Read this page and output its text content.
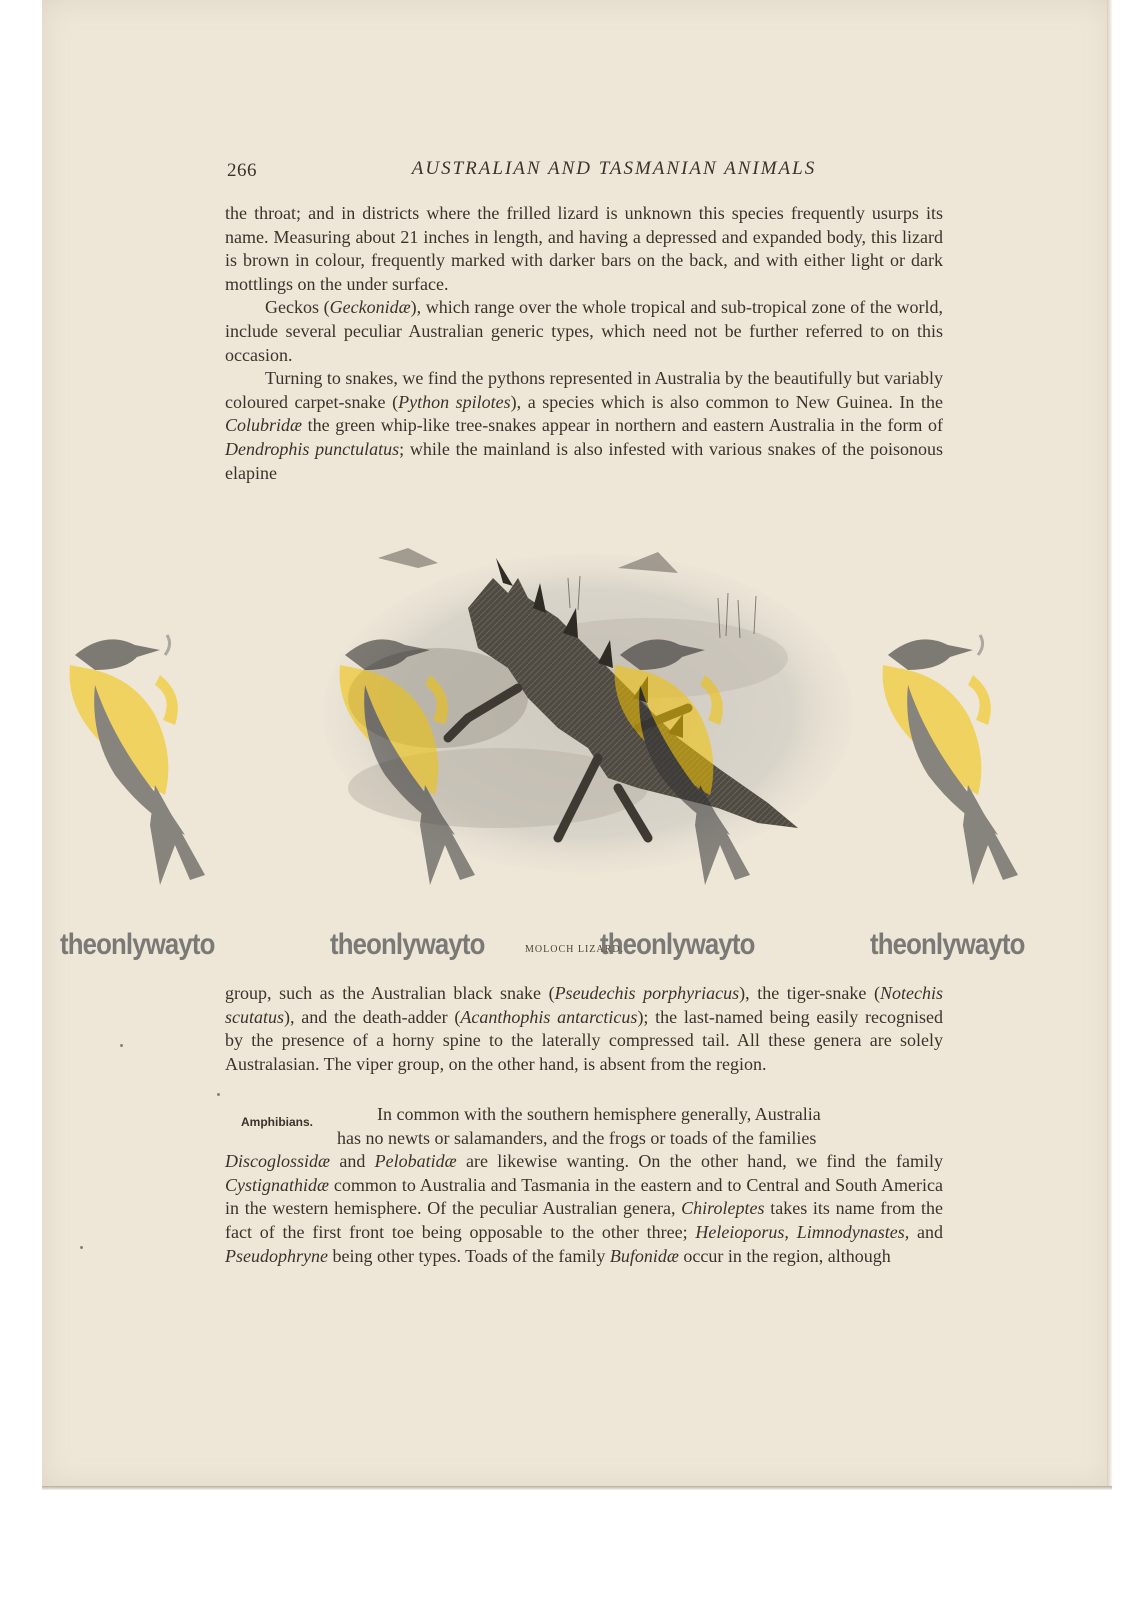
266	AUSTRALIAN AND TASMANIAN ANIMALS

the throat; and in districts where the frilled lizard is unknown this species frequently usurps its name. Measuring about 21 inches in length, and having a depressed and expanded body, this lizard is brown in colour, frequently marked with darker bars on the back, and with either light or dark mottlings on the under surface.

Geckos (Geckonidæ), which range over the whole tropical and sub-tropical zone of the world, include several peculiar Australian generic types, which need not be further referred to on this occasion.

Turning to snakes, we find the pythons represented in Australia by the beautifully but variably coloured carpet-snake (Python spilotes), a species which is also common to New Guinea. In the Colubridæ the green whip-like tree-snakes appear in northern and eastern Australia in the form of Dendrophis punctulatus; while the mainland is also infested with various snakes of the poisonous elapine

MOLOCH LIZARD.
theonlywayto	theonlywayto	theonlywayto	theonlywayto

group, such as the Australian black snake (Pseudechis porphyriacus), the tiger-snake (Notechis scutatus), and the death-adder (Acanthophis antarcticus); the last-named being easily recognised by the presence of a horny spine to the laterally compressed tail. All these genera are solely Australasian. The viper group, on the other hand, is absent from the region.

Amphibians.	In common with the southern hemisphere generally, Australia
has no newts or salamanders, and the frogs or toads of the families
Discoglossidæ and Pelobatidæ are likewise wanting. On the other hand, we find the family Cystignathidæ common to Australia and Tasmania in the eastern and to Central and South America in the western hemisphere. Of the peculiar Australian genera, Chiroleptes takes its name from the fact of the first front toe being opposable to the other three; Heleioporus, Limnodynastes, and Pseudophryne being other types. Toads of the family Bufonidæ occur in the region, although
